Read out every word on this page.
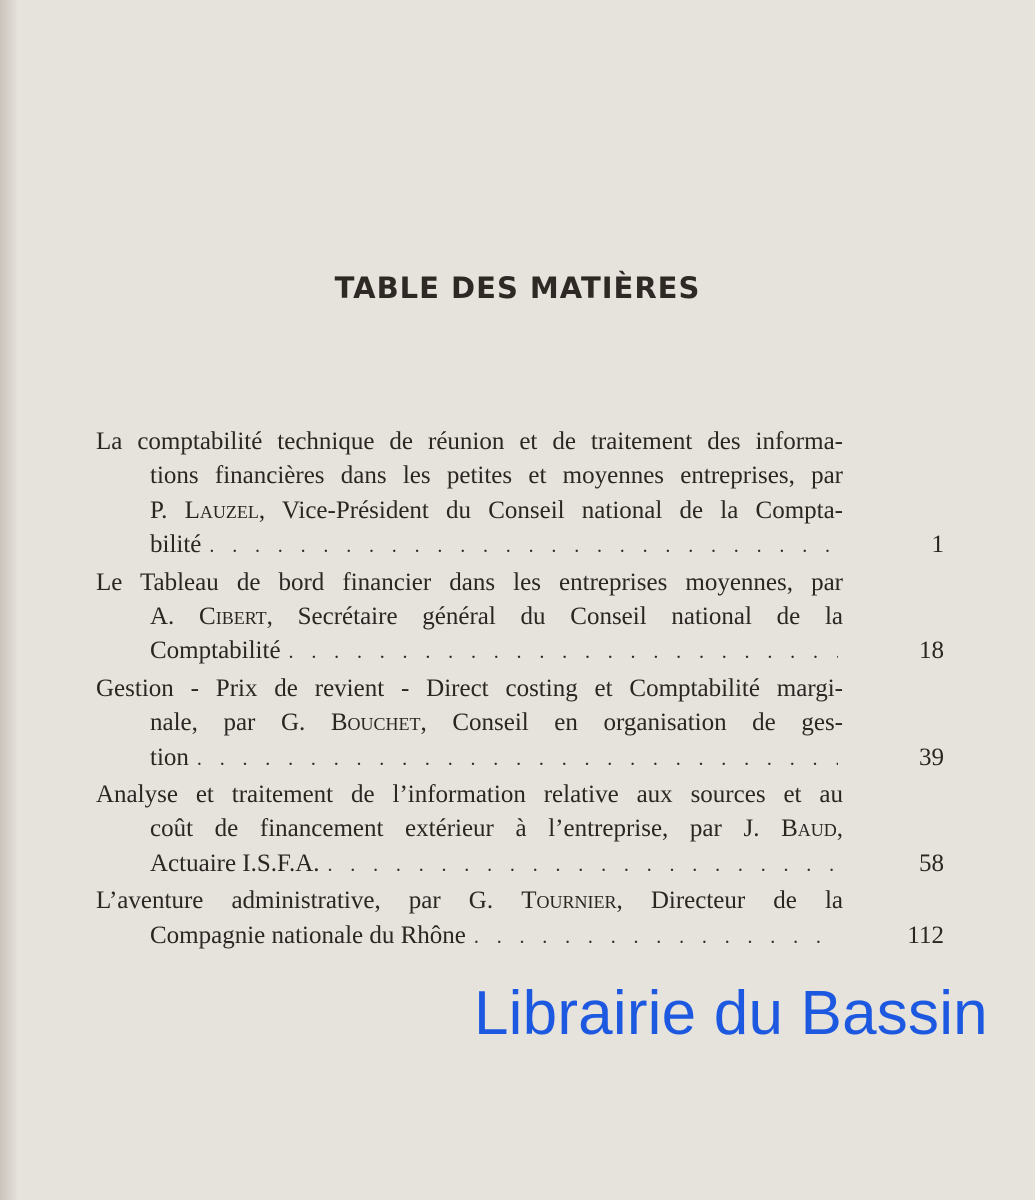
TABLE DES MATIÈRES
La comptabilité technique de réunion et de traitement des informa-
tions financières dans les petites et moyennes entreprises, par
P. Lauzel, Vice-Président du Conseil national de la Compta-
bilité . . .	1
Le Tableau de bord financier dans les entreprises moyennes, par
A. Cibert, Secrétaire général du Conseil national de la
Comptabilité . . .	18
Gestion - Prix de revient - Direct costing et Comptabilité margi-
nale, par G. Bouchet, Conseil en organisation de ges-
tion . . .	39
Analyse et traitement de l’information relative aux sources et au
coût de financement extérieur à l’entreprise, par J. Baud,
Actuaire I.S.F.A. . . .	58
L’aventure administrative, par G. Tournier, Directeur de la
Compagnie nationale du Rhône . . .	112
Librairie du Bassin
